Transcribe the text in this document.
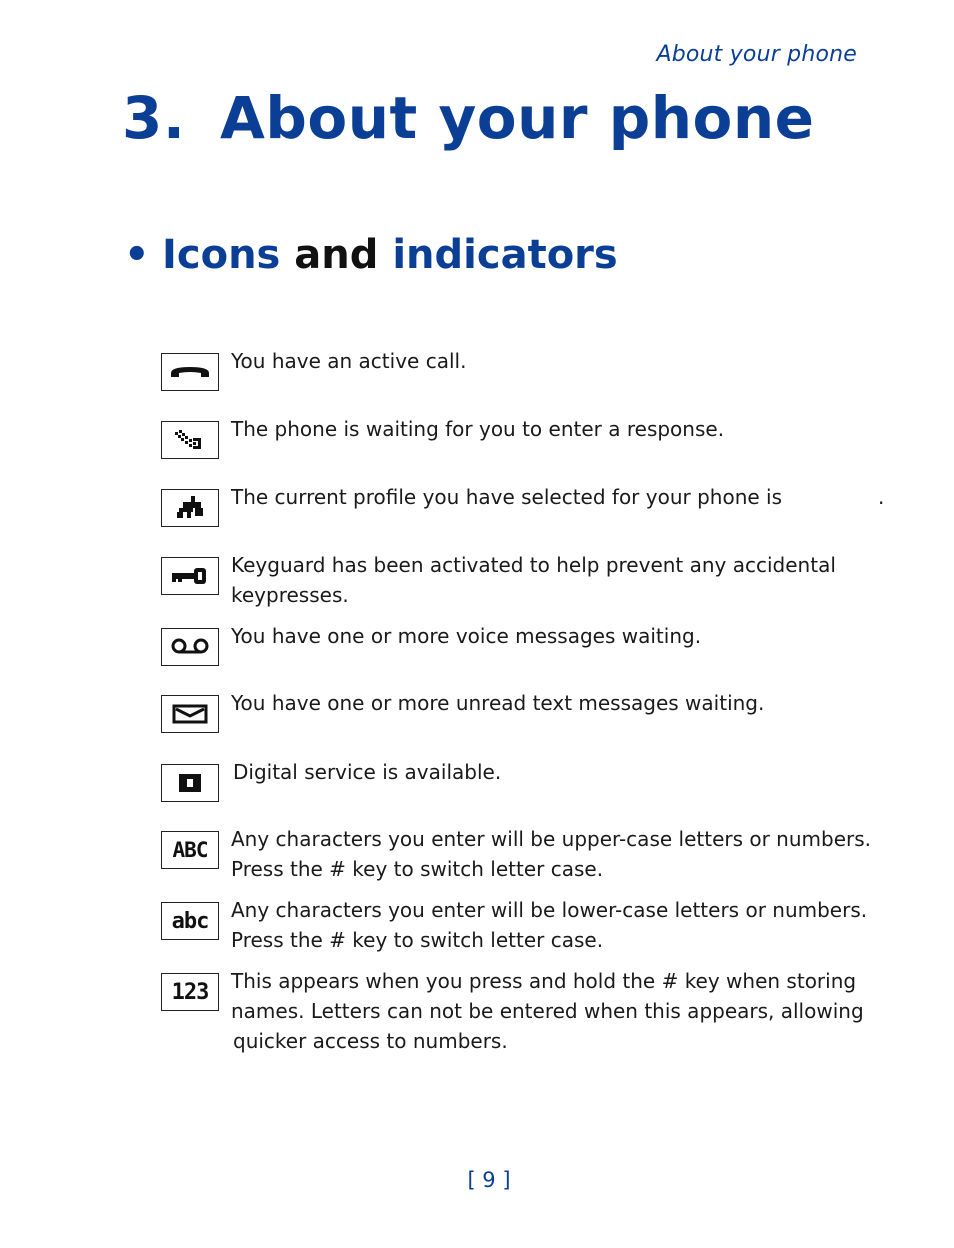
About your phone
3. About your phone
• Icons and indicators
You have an active call.
The phone is waiting for you to enter a response.
The current profile you have selected for your phone is	.
Keyguard has been activated to help prevent any accidental
keypresses.
You have one or more voice messages waiting.
You have one or more unread text messages waiting.
Digital service is available.
ABC Any characters you enter will be upper-case letters or numbers.
Press the # key to switch letter case.
abc Any characters you enter will be lower-case letters or numbers.
Press the # key to switch letter case.
123 This appears when you press and hold the # key when storing
names. Letters can not be entered when this appears, allowing
quicker access to numbers.
[ 9 ]
